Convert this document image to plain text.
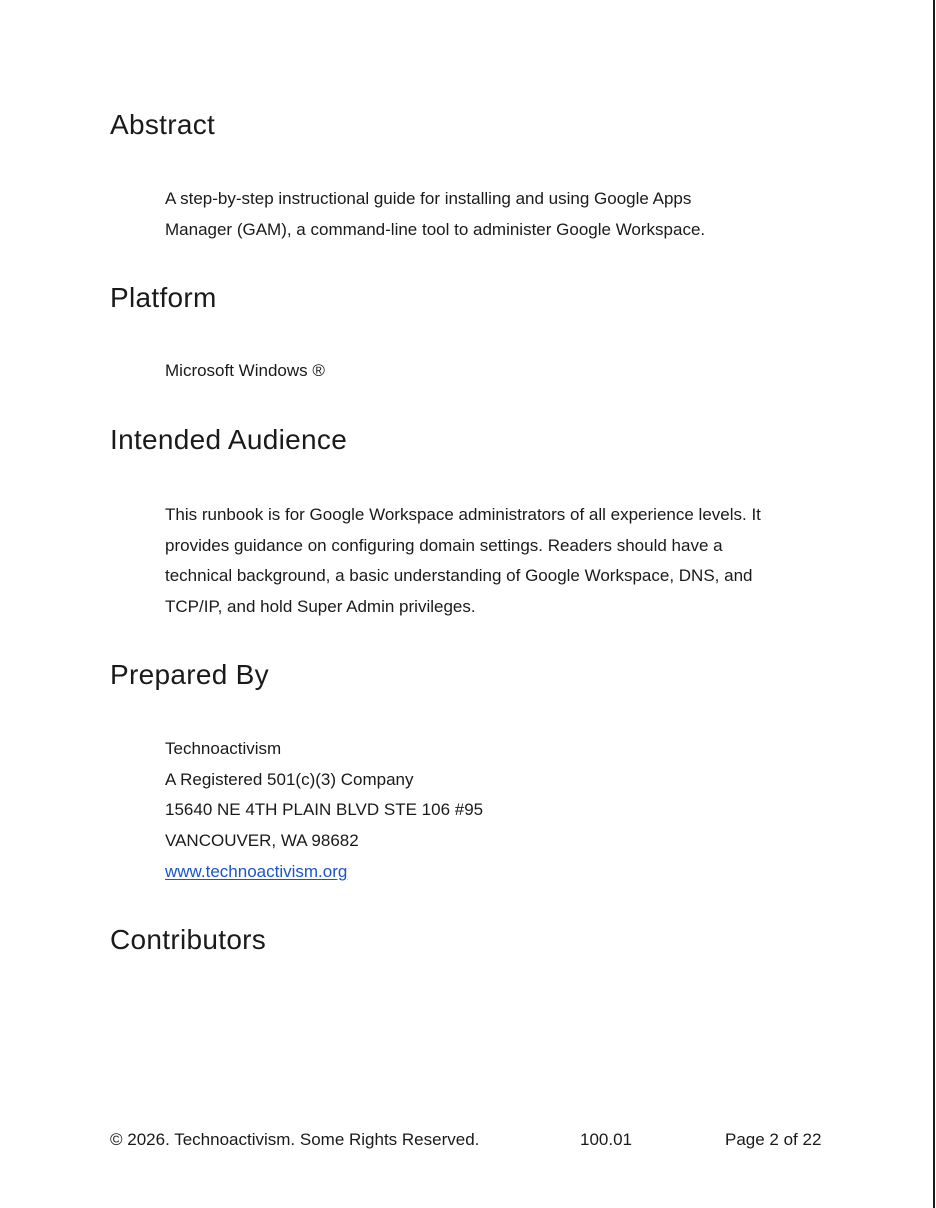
Abstract
A step-by-step instructional guide for installing and using Google Apps
Manager (GAM), a command-line tool to administer Google Workspace.
Platform
Microsoft Windows ®
Intended Audience
This runbook is for Google Workspace administrators of all experience levels. It
provides guidance on configuring domain settings. Readers should have a
technical background, a basic understanding of Google Workspace, DNS, and
TCP/IP, and hold Super Admin privileges.
Prepared By
Technoactivism
A Registered 501(c)(3) Company
15640 NE 4TH PLAIN BLVD STE 106 #95
VANCOUVER, WA 98682
www.technoactivism.org
Contributors
© 2026. Technoactivism. Some Rights Reserved.	100.01	Page 2 of 22
